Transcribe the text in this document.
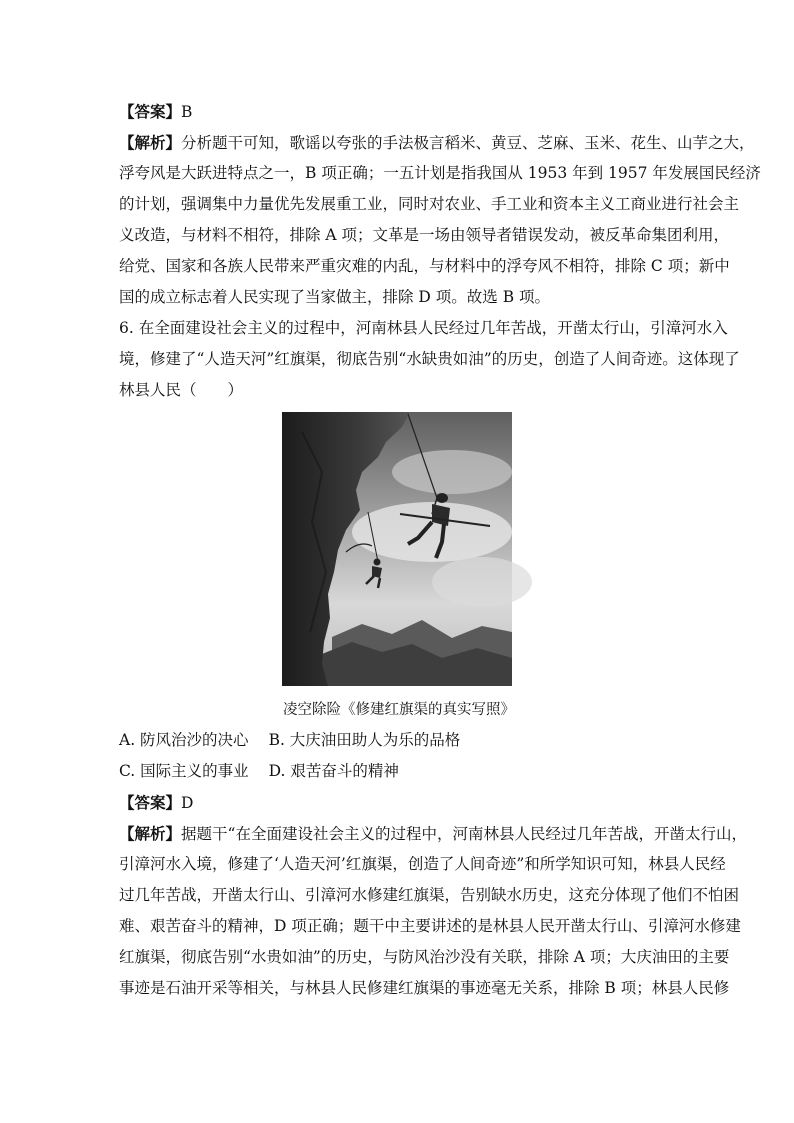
【答案】B
【解析】分析题干可知，歌谣以夸张的手法极言稻米、黄豆、芝麻、玉米、花生、山芋之大，
浮夸风是大跃进特点之一，B 项正确；一五计划是指我国从 1953 年到 1957 年发展国民经济
的计划，强调集中力量优先发展重工业，同时对农业、手工业和资本主义工商业进行社会主
义改造，与材料不相符，排除 A 项；文革是一场由领导者错误发动，被反革命集团利用，
给党、国家和各族人民带来严重灾难的内乱，与材料中的浮夸风不相符，排除 C 项；新中
国的成立标志着人民实现了当家做主，排除 D 项。故选 B 项。
6. 在全面建设社会主义的过程中，河南林县人民经过几年苦战，开凿太行山，引漳河水入
境，修建了“人造天河”红旗渠，彻底告别“水缺贵如油”的历史，创造了人间奇迹。这体现了
林县人民（　　）
凌空除险《修建红旗渠的真实写照》
A. 防风治沙的决心 B. 大庆油田助人为乐的品格
C. 国际主义的事业 D. 艰苦奋斗的精神
【答案】D
【解析】据题干“在全面建设社会主义的过程中，河南林县人民经过几年苦战，开凿太行山，
引漳河水入境，修建了‘人造天河’红旗渠，创造了人间奇迹”和所学知识可知，林县人民经
过几年苦战，开凿太行山、引漳河水修建红旗渠，告别缺水历史，这充分体现了他们不怕困
难、艰苦奋斗的精神，D 项正确；题干中主要讲述的是林县人民开凿太行山、引漳河水修建
红旗渠，彻底告别“水贵如油”的历史，与防风治沙没有关联，排除 A 项；大庆油田的主要
事迹是石油开采等相关，与林县人民修建红旗渠的事迹毫无关系，排除 B 项；林县人民修
